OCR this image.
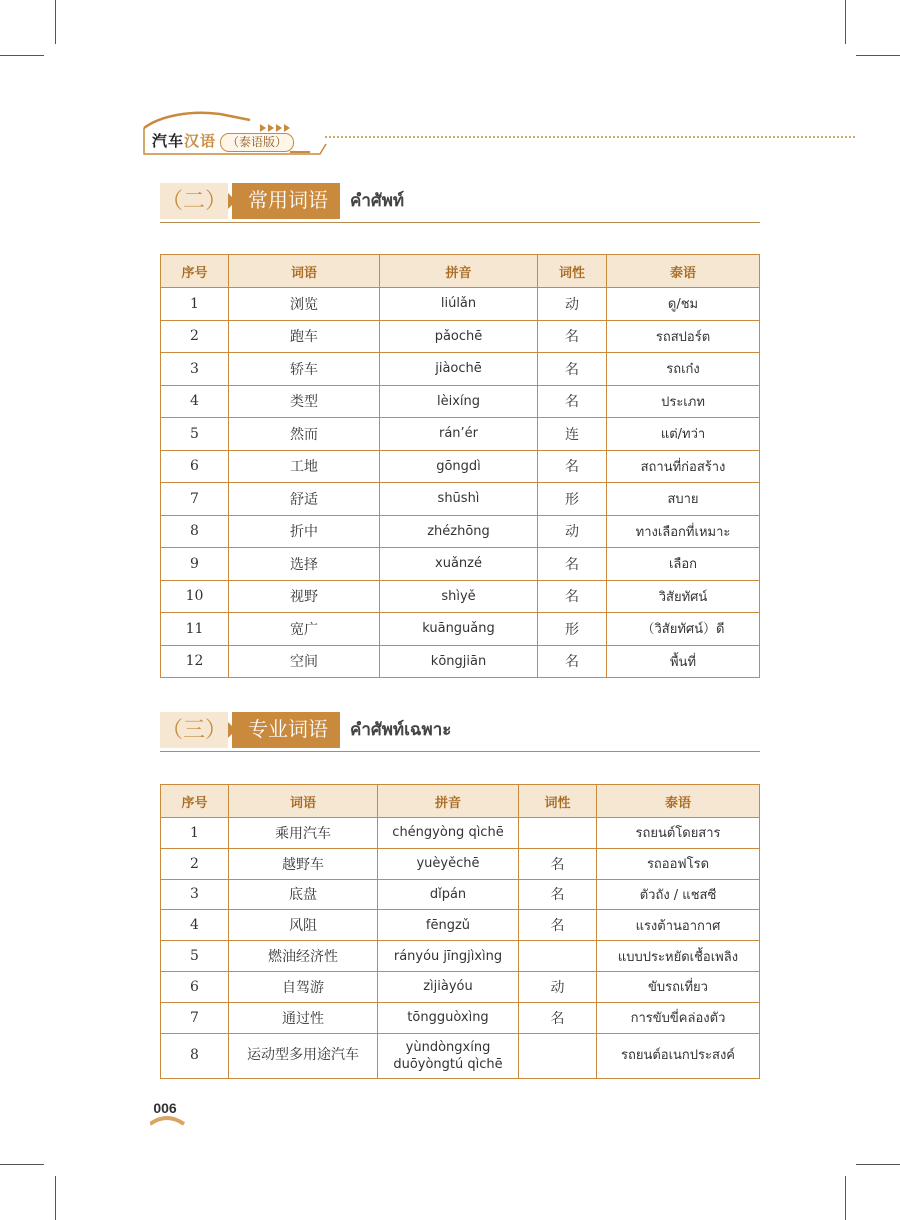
汽车汉语 （泰语版）
（二）	常用词语	คำศัพท์
序号	词语	拼音	词性	泰语
1	浏览	liúlǎn	动	ดู/ชม
2	跑车	pǎochē	名	รถสปอร์ต
3	轿车	jiàochē	名	รถเก๋ง
4	类型	lèixíng	名	ประเภท
5	然而	rán’ér	连	แต่/ทว่า
6	工地	gōngdì	名	สถานที่ก่อสร้าง
7	舒适	shūshì	形	สบาย
8	折中	zhézhōng	动	ทางเลือกที่เหมาะ
9	选择	xuǎnzé	名	เลือก
10	视野	shìyě	名	วิสัยทัศน์
11	宽广	kuānguǎng	形	（วิสัยทัศน์）ดี
12	空间	kōngjiān	名	พื้นที่
（三）	专业词语	คำศัพท์เฉพาะ
序号	词语	拼音	词性	泰语
1	乘用汽车	chéngyòng qìchē		รถยนต์โดยสาร
2	越野车	yuèyěchē	名	รถออฟโรด
3	底盘	dǐpán	名	ตัวถัง / แชสซี
4	风阻	fēngzǔ	名	แรงต้านอากาศ
5	燃油经济性	rányóu jīngjìxìng		แบบประหยัดเชื้อเพลิง
6	自驾游	zìjiàyóu	动	ขับรถเที่ยว
7	通过性	tōngguòxìng	名	การขับขี่คล่องตัว
8	运动型多用途汽车	yùndòngxíng
duōyòngtú qìchē		รถยนต์อเนกประสงค์
006
